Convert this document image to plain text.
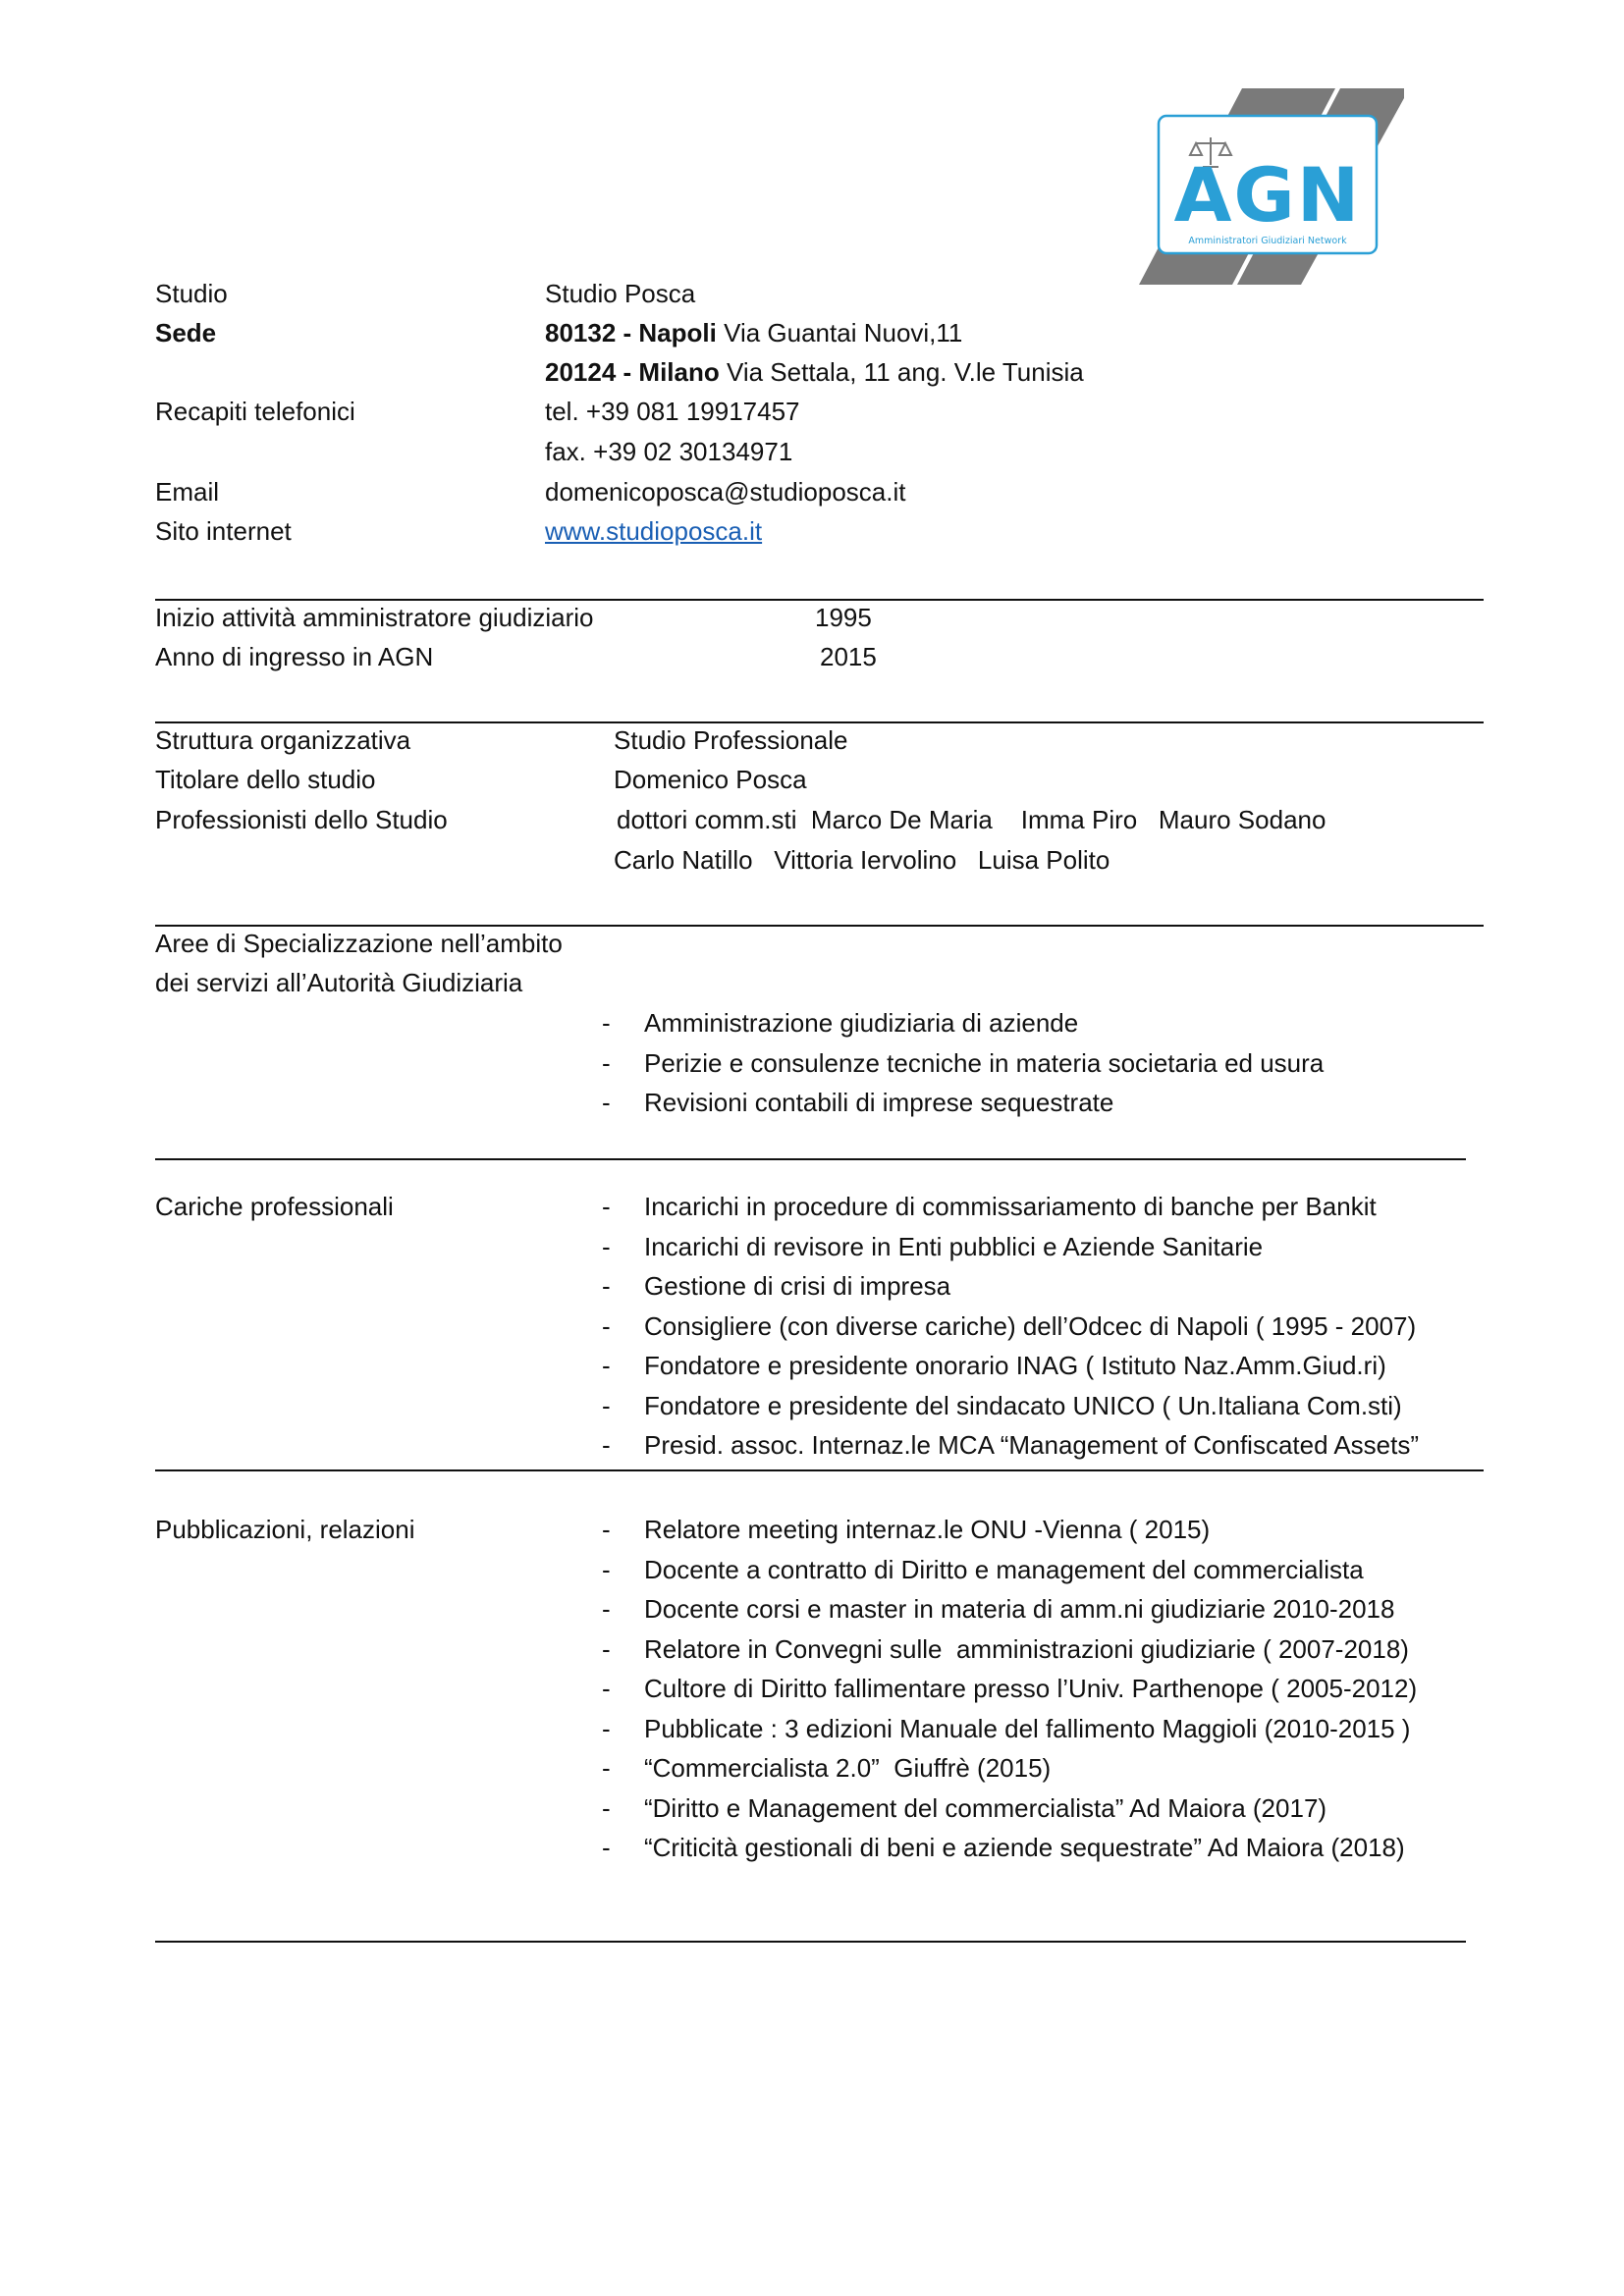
AGN
Amministratori Giudiziari Network
Studio	Studio Posca
Sede	80132 - Napoli Via Guantai Nuovi,11
20124 - Milano Via Settala, 11 ang. V.le Tunisia
Recapiti telefonici	tel. +39 081 19917457
fax. +39 02 30134971
Email	domenicoposca@studioposca.it
Sito internet	www.studioposca.it
Inizio attività amministratore giudiziario	1995
Anno di ingresso in AGN	2015
Struttura organizzativa	Studio Professionale
Titolare dello studio	Domenico Posca
Professionisti dello Studio	dottori comm.sti  Marco De Maria    Imma Piro   Mauro Sodano
Carlo Natillo   Vittoria Iervolino   Luisa Polito
Aree di Specializzazione nell’ambito
dei servizi all’Autorità Giudiziaria
- Amministrazione giudiziaria di aziende
- Perizie e consulenze tecniche in materia societaria ed usura
- Revisioni contabili di imprese sequestrate
Cariche professionali	- Incarichi in procedure di commissariamento di banche per Bankit
- Incarichi di revisore in Enti pubblici e Aziende Sanitarie
- Gestione di crisi di impresa
- Consigliere (con diverse cariche) dell’Odcec di Napoli ( 1995 - 2007)
- Fondatore e presidente onorario INAG ( Istituto Naz.Amm.Giud.ri)
- Fondatore e presidente del sindacato UNICO ( Un.Italiana Com.sti)
- Presid. assoc. Internaz.le MCA “Management of Confiscated Assets”
Pubblicazioni, relazioni	- Relatore meeting internaz.le ONU -Vienna ( 2015)
- Docente a contratto di Diritto e management del commercialista
- Docente corsi e master in materia di amm.ni giudiziarie 2010-2018
- Relatore in Convegni sulle  amministrazioni giudiziarie ( 2007-2018)
- Cultore di Diritto fallimentare presso l’Univ. Parthenope ( 2005-2012)
- Pubblicate : 3 edizioni Manuale del fallimento Maggioli (2010-2015 )
- “Commercialista 2.0”  Giuffrè (2015)
- “Diritto e Management del commercialista” Ad Maiora (2017)
- “Criticità gestionali di beni e aziende sequestrate” Ad Maiora (2018)
